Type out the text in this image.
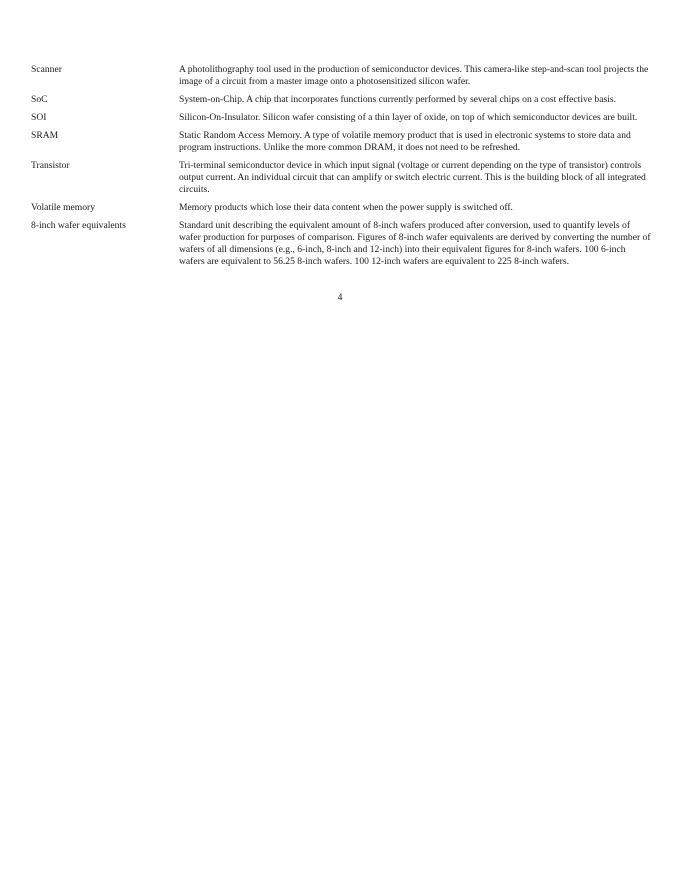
Scanner	A photolithography tool used in the production of semiconductor devices. This camera-like step-and-scan tool projects the image of a circuit from a master image onto a photosensitized silicon wafer.
SoC	System-on-Chip. A chip that incorporates functions currently performed by several chips on a cost effective basis.
SOI	Silicon-On-Insulator. Silicon wafer consisting of a thin layer of oxide, on top of which semiconductor devices are built.
SRAM	Static Random Access Memory. A type of volatile memory product that is used in electronic systems to store data and program instructions. Unlike the more common DRAM, it does not need to be refreshed.
Transistor	Tri-terminal semiconductor device in which input signal (voltage or current depending on the type of transistor) controls output current. An individual circuit that can amplify or switch electric current. This is the building block of all integrated circuits.
Volatile memory	Memory products which lose their data content when the power supply is switched off.
8-inch wafer equivalents	Standard unit describing the equivalent amount of 8-inch wafers produced after conversion, used to quantify levels of wafer production for purposes of comparison. Figures of 8-inch wafer equivalents are derived by converting the number of wafers of all dimensions (e.g., 6-inch, 8-inch and 12-inch) into their equivalent figures for 8-inch wafers. 100 6-inch wafers are equivalent to 56.25 8-inch wafers. 100 12-inch wafers are equivalent to 225 8-inch wafers.
4
